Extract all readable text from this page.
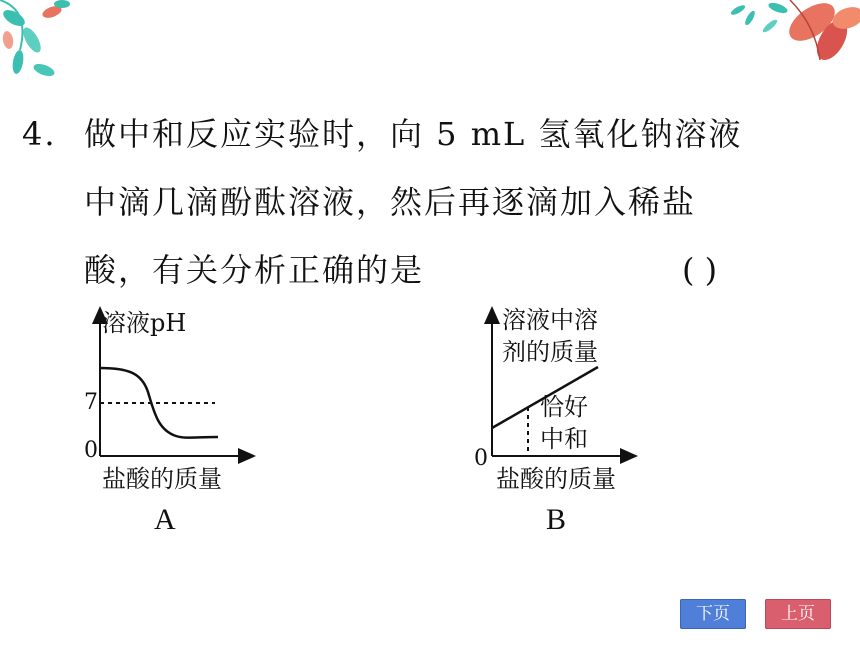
4. 做中和反应实验时，向 5 mL 氢氧化钠溶液
中滴几滴酚酞溶液，然后再逐滴加入稀盐
酸，有关分析正确的是	( )
溶液pH
7
0
盐酸的质量
A
溶液中溶
剂的质量
恰好
中和
0
盐酸的质量
B
下页	上页
